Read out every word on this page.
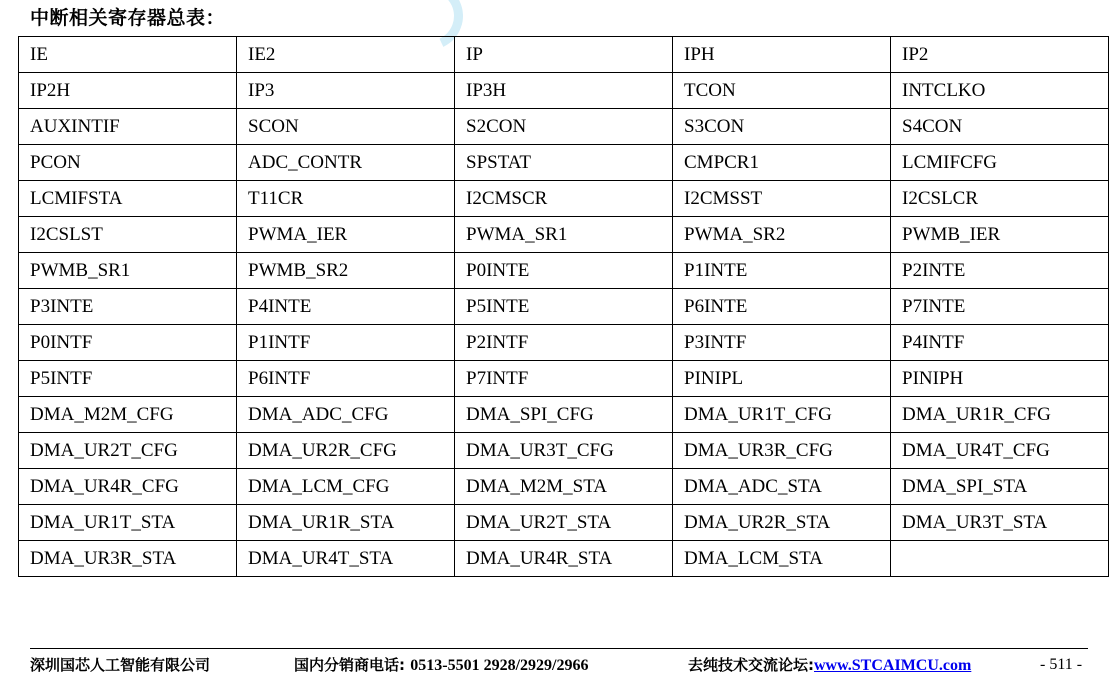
中断相关寄存器总表：
IE	IE2	IP	IPH	IP2
IP2H	IP3	IP3H	TCON	INTCLKO
AUXINTIF	SCON	S2CON	S3CON	S4CON
PCON	ADC_CONTR	SPSTAT	CMPCR1	LCMIFCFG
LCMIFSTA	T11CR	I2CMSCR	I2CMSST	I2CSLCR
I2CSLST	PWMA_IER	PWMA_SR1	PWMA_SR2	PWMB_IER
PWMB_SR1	PWMB_SR2	P0INTE	P1INTE	P2INTE
P3INTE	P4INTE	P5INTE	P6INTE	P7INTE
P0INTF	P1INTF	P2INTF	P3INTF	P4INTF
P5INTF	P6INTF	P7INTF	PINIPL	PINIPH
DMA_M2M_CFG	DMA_ADC_CFG	DMA_SPI_CFG	DMA_UR1T_CFG	DMA_UR1R_CFG
DMA_UR2T_CFG	DMA_UR2R_CFG	DMA_UR3T_CFG	DMA_UR3R_CFG	DMA_UR4T_CFG
DMA_UR4R_CFG	DMA_LCM_CFG	DMA_M2M_STA	DMA_ADC_STA	DMA_SPI_STA
DMA_UR1T_STA	DMA_UR1R_STA	DMA_UR2T_STA	DMA_UR2R_STA	DMA_UR3T_STA
DMA_UR3R_STA	DMA_UR4T_STA	DMA_UR4R_STA	DMA_LCM_STA	
深圳国芯人工智能有限公司	国内分销商电话: 0513-5501 2928/2929/2966	去纯技术交流论坛:www.STCAIMCU.com	- 511 -
